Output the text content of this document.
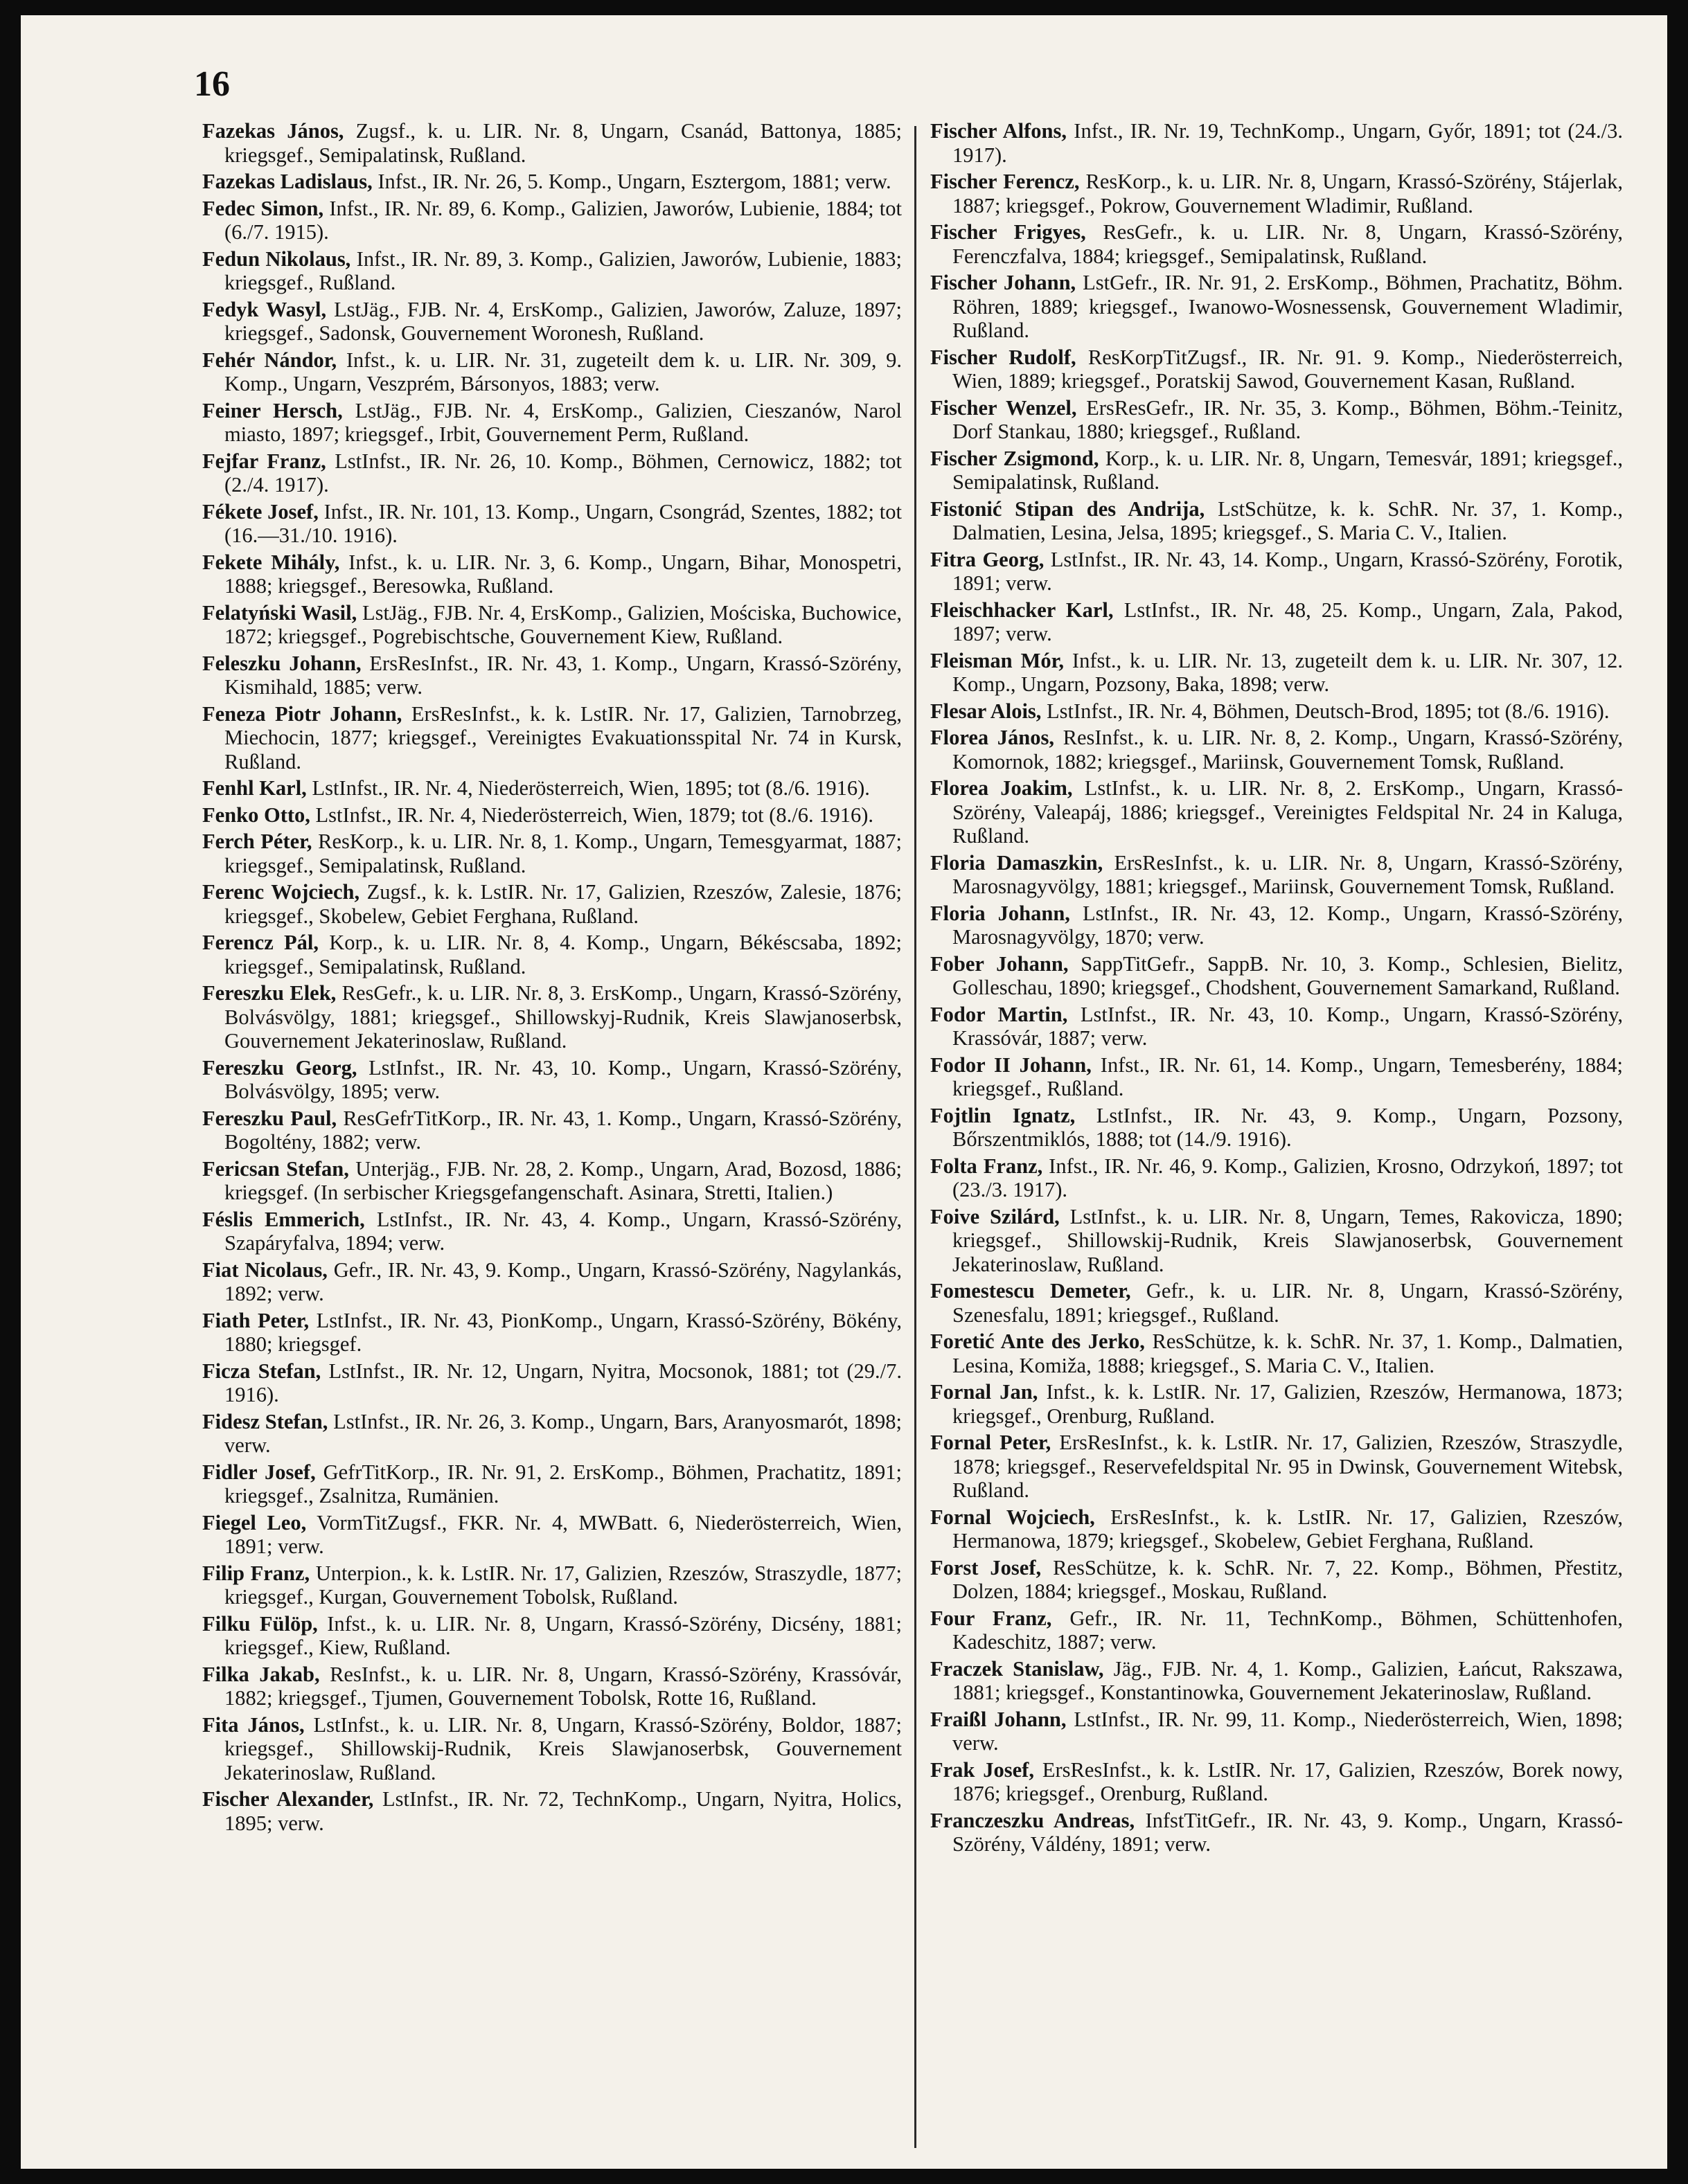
16

Fazekas János, Zugsf., k. u. LIR. Nr. 8, Ungarn, Csanád, Battonya, 1885; kriegsgef., Semipalatinsk, Rußland.

Fazekas Ladislaus, Infst., IR. Nr. 26, 5. Komp., Ungarn, Esztergom, 1881; verw.

Fedec Simon, Infst., IR. Nr. 89, 6. Komp., Galizien, Jaworów, Lubienie, 1884; tot (6./7. 1915).

Fedun Nikolaus, Infst., IR. Nr. 89, 3. Komp., Galizien, Jaworów, Lubienie, 1883; kriegsgef., Rußland.

Fedyk Wasyl, LstJäg., FJB. Nr. 4, ErsKomp., Galizien, Jaworów, Zaluze, 1897; kriegsgef., Sadonsk, Gouvernement Woronesh, Rußland.

Fehér Nándor, Infst., k. u. LIR. Nr. 31, zugeteilt dem k. u. LIR. Nr. 309, 9. Komp., Ungarn, Veszprém, Bársonyos, 1883; verw.

Feiner Hersch, LstJäg., FJB. Nr. 4, ErsKomp., Galizien, Cieszanów, Narol miasto, 1897; kriegsgef., Irbit, Gouvernement Perm, Rußland.

Fejfar Franz, LstInfst., IR. Nr. 26, 10. Komp., Böhmen, Cernowicz, 1882; tot (2./4. 1917).

Fékete Josef, Infst., IR. Nr. 101, 13. Komp., Ungarn, Csongrád, Szentes, 1882; tot (16.—31./10. 1916).

Fekete Mihály, Infst., k. u. LIR. Nr. 3, 6. Komp., Ungarn, Bihar, Monospetri, 1888; kriegsgef., Beresowka, Rußland.

Felatyński Wasil, LstJäg., FJB. Nr. 4, ErsKomp., Galizien, Mościska, Buchowice, 1872; kriegsgef., Pogrebischtsche, Gouvernement Kiew, Rußland.

Feleszku Johann, ErsResInfst., IR. Nr. 43, 1. Komp., Ungarn, Krassó-Szörény, Kismihald, 1885; verw.

Feneza Piotr Johann, ErsResInfst., k. k. LstIR. Nr. 17, Galizien, Tarnobrzeg, Miechocin, 1877; kriegsgef., Vereinigtes Evakuationsspital Nr. 74 in Kursk, Rußland.

Fenhl Karl, LstInfst., IR. Nr. 4, Niederösterreich, Wien, 1895; tot (8./6. 1916).

Fenko Otto, LstInfst., IR. Nr. 4, Niederösterreich, Wien, 1879; tot (8./6. 1916).

Ferch Péter, ResKorp., k. u. LIR. Nr. 8, 1. Komp., Ungarn, Temesgyarmat, 1887; kriegsgef., Semipalatinsk, Rußland.

Ferenc Wojciech, Zugsf., k. k. LstIR. Nr. 17, Galizien, Rzeszów, Zalesie, 1876; kriegsgef., Skobelew, Gebiet Ferghana, Rußland.

Ferencz Pál, Korp., k. u. LIR. Nr. 8, 4. Komp., Ungarn, Békéscsaba, 1892; kriegsgef., Semipalatinsk, Rußland.

Fereszku Elek, ResGefr., k. u. LIR. Nr. 8, 3. ErsKomp., Ungarn, Krassó-Szörény, Bolvásvölgy, 1881; kriegsgef., Shillowskyj-Rudnik, Kreis Slawjanoserbsk, Gouvernement Jekaterinoslaw, Rußland.

Fereszku Georg, LstInfst., IR. Nr. 43, 10. Komp., Ungarn, Krassó-Szörény, Bolvásvölgy, 1895; verw.

Fereszku Paul, ResGefrTitKorp., IR. Nr. 43, 1. Komp., Ungarn, Krassó-Szörény, Bogoltény, 1882; verw.

Fericsan Stefan, Unterjäg., FJB. Nr. 28, 2. Komp., Ungarn, Arad, Bozosd, 1886; kriegsgef. (In serbischer Kriegsgefangenschaft. Asinara, Stretti, Italien.)

Féslis Emmerich, LstInfst., IR. Nr. 43, 4. Komp., Ungarn, Krassó-Szörény, Szapáryfalva, 1894; verw.

Fiat Nicolaus, Gefr., IR. Nr. 43, 9. Komp., Ungarn, Krassó-Szörény, Nagylankás, 1892; verw.

Fiath Peter, LstInfst., IR. Nr. 43, PionKomp., Ungarn, Krassó-Szörény, Bökény, 1880; kriegsgef.

Ficza Stefan, LstInfst., IR. Nr. 12, Ungarn, Nyitra, Mocsonok, 1881; tot (29./7. 1916).

Fidesz Stefan, LstInfst., IR. Nr. 26, 3. Komp., Ungarn, Bars, Aranyosmarót, 1898; verw.

Fidler Josef, GefrTitKorp., IR. Nr. 91, 2. ErsKomp., Böhmen, Prachatitz, 1891; kriegsgef., Zsalnitza, Rumänien.

Fiegel Leo, VormTitZugsf., FKR. Nr. 4, MWBatt. 6, Niederösterreich, Wien, 1891; verw.

Filip Franz, Unterpion., k. k. LstIR. Nr. 17, Galizien, Rzeszów, Straszydle, 1877; kriegsgef., Kurgan, Gouvernement Tobolsk, Rußland.

Filku Fülöp, Infst., k. u. LIR. Nr. 8, Ungarn, Krassó-Szörény, Dicsény, 1881; kriegsgef., Kiew, Rußland.

Filka Jakab, ResInfst., k. u. LIR. Nr. 8, Ungarn, Krassó-Szörény, Krassóvár, 1882; kriegsgef., Tjumen, Gouvernement Tobolsk, Rotte 16, Rußland.

Fita János, LstInfst., k. u. LIR. Nr. 8, Ungarn, Krassó-Szörény, Boldor, 1887; kriegsgef., Shillowskij-Rudnik, Kreis Slawjanoserbsk, Gouvernement Jekaterinoslaw, Rußland.

Fischer Alexander, LstInfst., IR. Nr. 72, TechnKomp., Ungarn, Nyitra, Holics, 1895; verw.

Fischer Alfons, Infst., IR. Nr. 19, TechnKomp., Ungarn, Győr, 1891; tot (24./3. 1917).

Fischer Ferencz, ResKorp., k. u. LIR. Nr. 8, Ungarn, Krassó-Szörény, Stájerlak, 1887; kriegsgef., Pokrow, Gouvernement Wladimir, Rußland.

Fischer Frigyes, ResGefr., k. u. LIR. Nr. 8, Ungarn, Krassó-Szörény, Ferenczfalva, 1884; kriegsgef., Semipalatinsk, Rußland.

Fischer Johann, LstGefr., IR. Nr. 91, 2. ErsKomp., Böhmen, Prachatitz, Böhm. Röhren, 1889; kriegsgef., Iwanowo-Wosnessensk, Gouvernement Wladimir, Rußland.

Fischer Rudolf, ResKorpTitZugsf., IR. Nr. 91. 9. Komp., Niederösterreich, Wien, 1889; kriegsgef., Poratskij Sawod, Gouvernement Kasan, Rußland.

Fischer Wenzel, ErsResGefr., IR. Nr. 35, 3. Komp., Böhmen, Böhm.-Teinitz, Dorf Stankau, 1880; kriegsgef., Rußland.

Fischer Zsigmond, Korp., k. u. LIR. Nr. 8, Ungarn, Temesvár, 1891; kriegsgef., Semipalatinsk, Rußland.

Fistonić Stipan des Andrija, LstSchütze, k. k. SchR. Nr. 37, 1. Komp., Dalmatien, Lesina, Jelsa, 1895; kriegsgef., S. Maria C. V., Italien.

Fitra Georg, LstInfst., IR. Nr. 43, 14. Komp., Ungarn, Krassó-Szörény, Forotik, 1891; verw.

Fleischhacker Karl, LstInfst., IR. Nr. 48, 25. Komp., Ungarn, Zala, Pakod, 1897; verw.

Fleisman Mór, Infst., k. u. LIR. Nr. 13, zugeteilt dem k. u. LIR. Nr. 307, 12. Komp., Ungarn, Pozsony, Baka, 1898; verw.

Flesar Alois, LstInfst., IR. Nr. 4, Böhmen, Deutsch-Brod, 1895; tot (8./6. 1916).

Florea János, ResInfst., k. u. LIR. Nr. 8, 2. Komp., Ungarn, Krassó-Szörény, Komornok, 1882; kriegsgef., Mariinsk, Gouvernement Tomsk, Rußland.

Florea Joakim, LstInfst., k. u. LIR. Nr. 8, 2. ErsKomp., Ungarn, Krassó-Szörény, Valeapáj, 1886; kriegsgef., Vereinigtes Feldspital Nr. 24 in Kaluga, Rußland.

Floria Damaszkin, ErsResInfst., k. u. LIR. Nr. 8, Ungarn, Krassó-Szörény, Marosnagyvölgy, 1881; kriegsgef., Mariinsk, Gouvernement Tomsk, Rußland.

Floria Johann, LstInfst., IR. Nr. 43, 12. Komp., Ungarn, Krassó-Szörény, Marosnagyvölgy, 1870; verw.

Fober Johann, SappTitGefr., SappB. Nr. 10, 3. Komp., Schlesien, Bielitz, Golleschau, 1890; kriegsgef., Chodshent, Gouvernement Samarkand, Rußland.

Fodor Martin, LstInfst., IR. Nr. 43, 10. Komp., Ungarn, Krassó-Szörény, Krassóvár, 1887; verw.

Fodor II Johann, Infst., IR. Nr. 61, 14. Komp., Ungarn, Temesberény, 1884; kriegsgef., Rußland.

Fojtlin Ignatz, LstInfst., IR. Nr. 43, 9. Komp., Ungarn, Pozsony, Bőrszentmiklós, 1888; tot (14./9. 1916).

Folta Franz, Infst., IR. Nr. 46, 9. Komp., Galizien, Krosno, Odrzykoń, 1897; tot (23./3. 1917).

Foive Szilárd, LstInfst., k. u. LIR. Nr. 8, Ungarn, Temes, Rakoviczа, 1890; kriegsgef., Shillowskij-Rudnik, Kreis Slawjanoserbsk, Gouvernement Jekaterinoslaw, Rußland.

Fomestescu Demeter, Gefr., k. u. LIR. Nr. 8, Ungarn, Krassó-Szörény, Szenesfalu, 1891; kriegsgef., Rußland.

Foretić Ante des Jerko, ResSchütze, k. k. SchR. Nr. 37, 1. Komp., Dalmatien, Lesina, Komiža, 1888; kriegsgef., S. Maria C. V., Italien.

Fornal Jan, Infst., k. k. LstIR. Nr. 17, Galizien, Rzeszów, Hermanowa, 1873; kriegsgef., Orenburg, Rußland.

Fornal Peter, ErsResInfst., k. k. LstIR. Nr. 17, Galizien, Rzeszów, Straszydle, 1878; kriegsgef., Reservefeldspital Nr. 95 in Dwinsk, Gouvernement Witebsk, Rußland.

Fornal Wojciech, ErsResInfst., k. k. LstIR. Nr. 17, Galizien, Rzeszów, Hermanowa, 1879; kriegsgef., Skobelew, Gebiet Ferghana, Rußland.

Forst Josef, ResSchütze, k. k. SchR. Nr. 7, 22. Komp., Böhmen, Přestitz, Dolzen, 1884; kriegsgef., Moskau, Rußland.

Four Franz, Gefr., IR. Nr. 11, TechnKomp., Böhmen, Schüttenhofen, Kadeschitz, 1887; verw.

Fraczek Stanislaw, Jäg., FJB. Nr. 4, 1. Komp., Galizien, Łańcut, Rakszawa, 1881; kriegsgef., Konstantinowka, Gouvernement Jekaterinoslaw, Rußland.

Fraißl Johann, LstInfst., IR. Nr. 99, 11. Komp., Niederösterreich, Wien, 1898; verw.

Frak Josef, ErsResInfst., k. k. LstIR. Nr. 17, Galizien, Rzeszów, Borek nowy, 1876; kriegsgef., Orenburg, Rußland.

Franczeszku Andreas, InfstTitGefr., IR. Nr. 43, 9. Komp., Ungarn, Krassó-Szörény, Váldény, 1891; verw.
